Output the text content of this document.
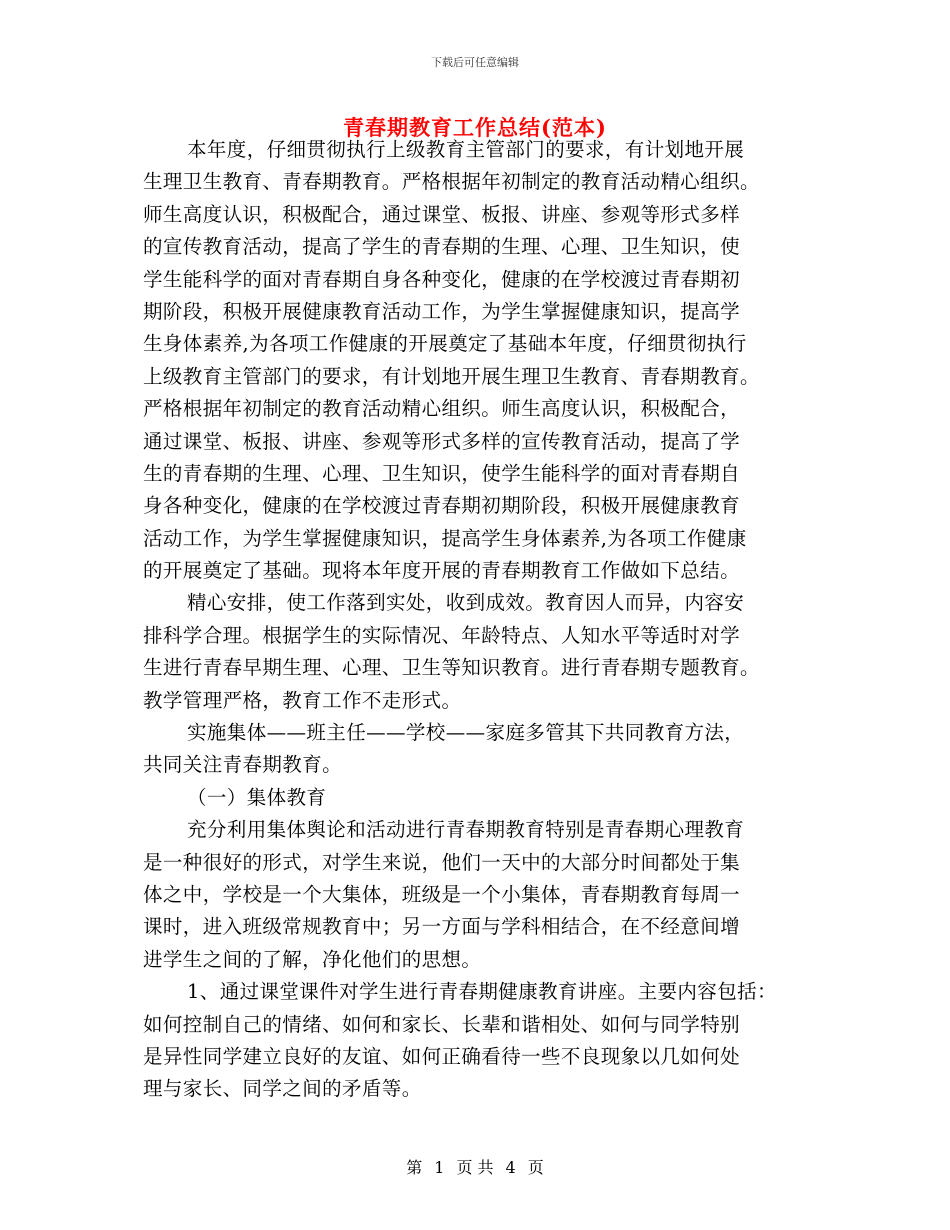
下载后可任意编辑
青春期教育工作总结(范本)
本年度，仔细贯彻执行上级教育主管部门的要求，有计划地开展
生理卫生教育、青春期教育。严格根据年初制定的教育活动精心组织。
师生高度认识，积极配合，通过课堂、板报、讲座、参观等形式多样
的宣传教育活动，提高了学生的青春期的生理、心理、卫生知识，使
学生能科学的面对青春期自身各种变化，健康的在学校渡过青春期初
期阶段，积极开展健康教育活动工作，为学生掌握健康知识，提高学
生身体素养,为各项工作健康的开展奠定了基础本年度，仔细贯彻执行
上级教育主管部门的要求，有计划地开展生理卫生教育、青春期教育。
严格根据年初制定的教育活动精心组织。师生高度认识，积极配合，
通过课堂、板报、讲座、参观等形式多样的宣传教育活动，提高了学
生的青春期的生理、心理、卫生知识，使学生能科学的面对青春期自
身各种变化，健康的在学校渡过青春期初期阶段，积极开展健康教育
活动工作，为学生掌握健康知识，提高学生身体素养,为各项工作健康
的开展奠定了基础。现将本年度开展的青春期教育工作做如下总结。
精心安排，使工作落到实处，收到成效。教育因人而异，内容安
排科学合理。根据学生的实际情况、年龄特点、人知水平等适时对学
生进行青春早期生理、心理、卫生等知识教育。进行青春期专题教育。
教学管理严格，教育工作不走形式。
实施集体——班主任——学校——家庭多管其下共同教育方法，
共同关注青春期教育。
（一）集体教育
充分利用集体舆论和活动进行青春期教育特别是青春期心理教育
是一种很好的形式，对学生来说，他们一天中的大部分时间都处于集
体之中，学校是一个大集体，班级是一个小集体，青春期教育每周一
课时，进入班级常规教育中；另一方面与学科相结合，在不经意间增
进学生之间的了解，净化他们的思想。
1、通过课堂课件对学生进行青春期健康教育讲座。主要内容包括：
如何控制自己的情绪、如何和家长、长辈和谐相处、如何与同学特别
是异性同学建立良好的友谊、如何正确看待一些不良现象以几如何处
理与家长、同学之间的矛盾等。
第 1 页 共 4 页
